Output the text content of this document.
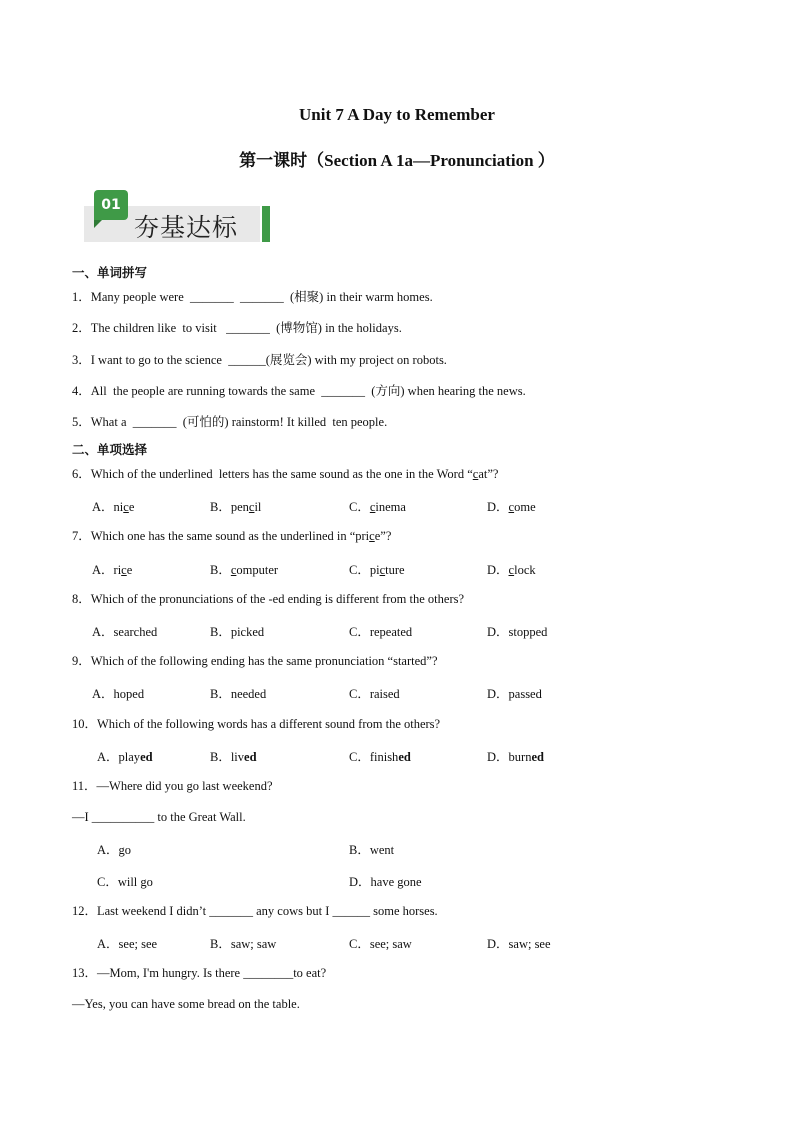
Unit 7 A Day to Remember
第一课时（Section A 1a—Pronunciation ）
01
夯基达标
一、单词拼写
1．Many people were  _______  _______  (相聚) in their warm homes.
2．The children like  to visit   _______  (博物馆) in the holidays.
3．I want to go to the science  ______(展览会) with my project on robots.
4．All  the people are running towards the same  _______  (方向) when hearing the news.
5．What a  _______  (可怕的) rainstorm! It killed  ten people.
二、单项选择
6．Which of the underlined  letters has the same sound as the one in the Word “cat”?
A．nice	B．pencil	C．cinema	D．come
7．Which one has the same sound as the underlined in “price”?
A．rice	B．computer	C．picture	D．clock
8．Which of the pronunciations of the -ed ending is different from the others?
A．searched	B．picked	C．repeated	D．stopped
9．Which of the following ending has the same pronunciation “started”?
A．hoped	B．needed	C．raised	D．passed
10．Which of the following words has a different sound from the others?
A．played	B．lived	C．finished	D．burned
11．—Where did you go last weekend?
—I __________ to the Great Wall.
A．go	B．went
C．will go	D．have gone
12．Last weekend I didn’t _______ any cows but I ______ some horses.
A．see; see	B．saw; saw	C．see; saw	D．saw; see
13．—Mom, I'm hungry. Is there ________to eat?
—Yes, you can have some bread on the table.
